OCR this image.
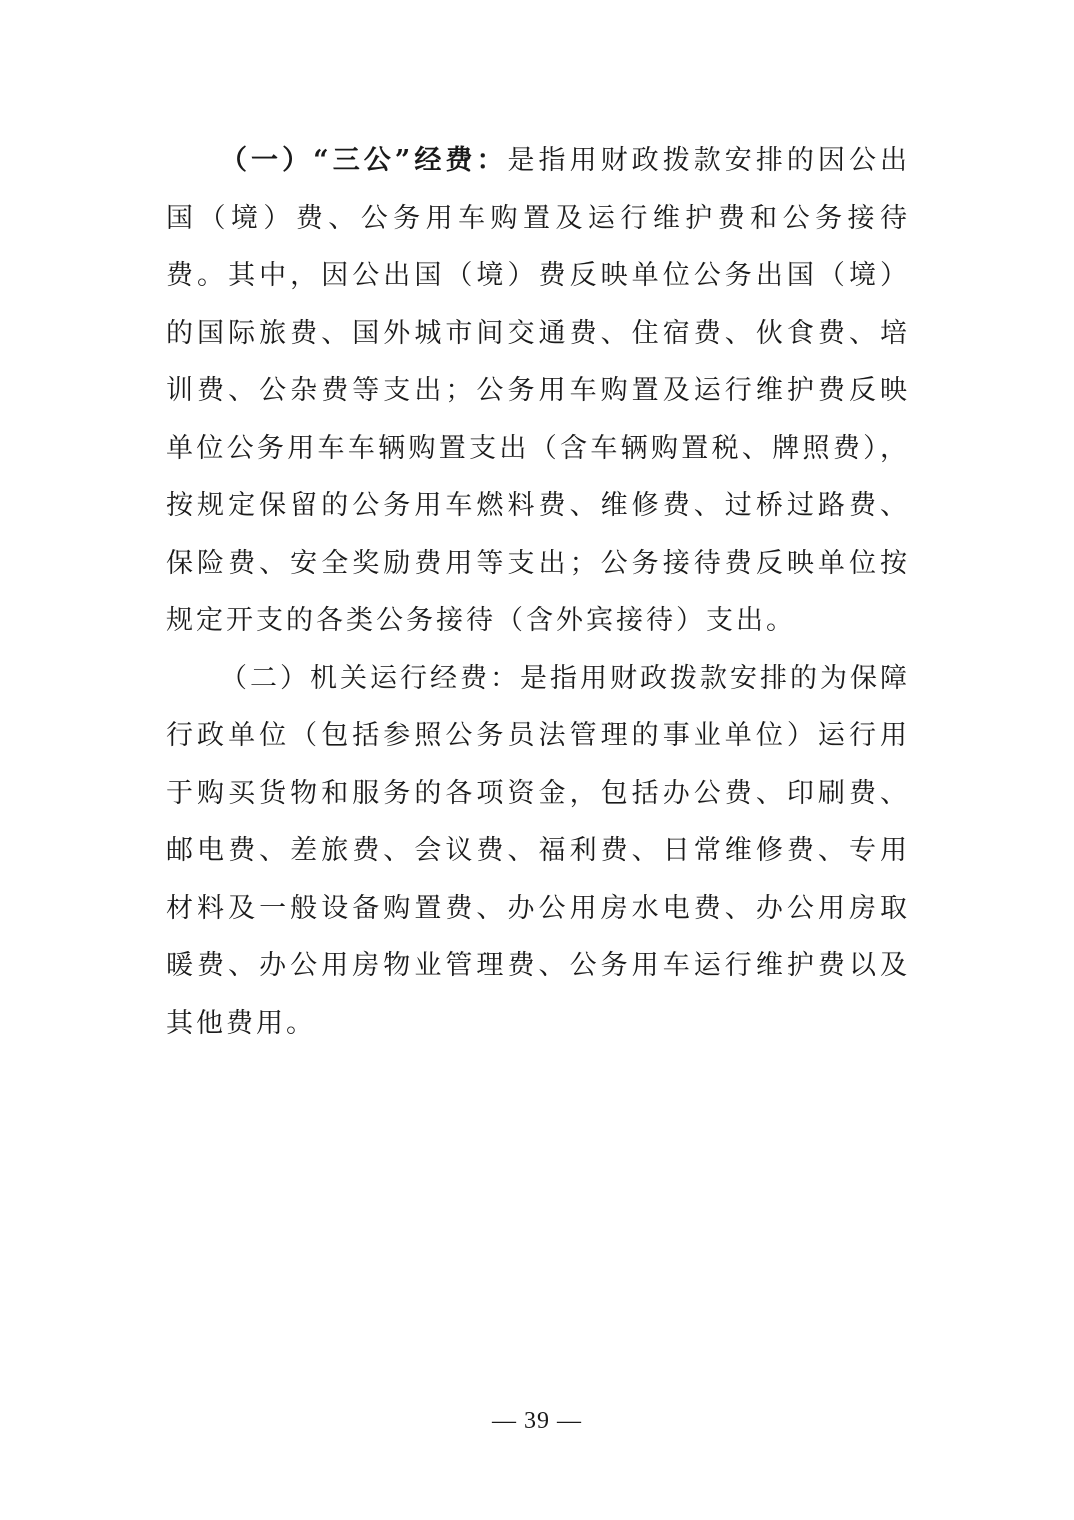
（一）“三公”经费：是指用财政拨款安排的因公出国（境）费、公务用车购置及运行维护费和公务接待费。其中，因公出国（境）费反映单位公务出国（境）的国际旅费、国外城市间交通费、住宿费、伙食费、培训费、公杂费等支出；公务用车购置及运行维护费反映单位公务用车车辆购置支出（含车辆购置税、牌照费），按规定保留的公务用车燃料费、维修费、过桥过路费、保险费、安全奖励费用等支出；公务接待费反映单位按规定开支的各类公务接待（含外宾接待）支出。

（二）机关运行经费：是指用财政拨款安排的为保障行政单位（包括参照公务员法管理的事业单位）运行用于购买货物和服务的各项资金，包括办公费、印刷费、邮电费、差旅费、会议费、福利费、日常维修费、专用材料及一般设备购置费、办公用房水电费、办公用房取暖费、办公用房物业管理费、公务用车运行维护费以及其他费用。

— 39 —
